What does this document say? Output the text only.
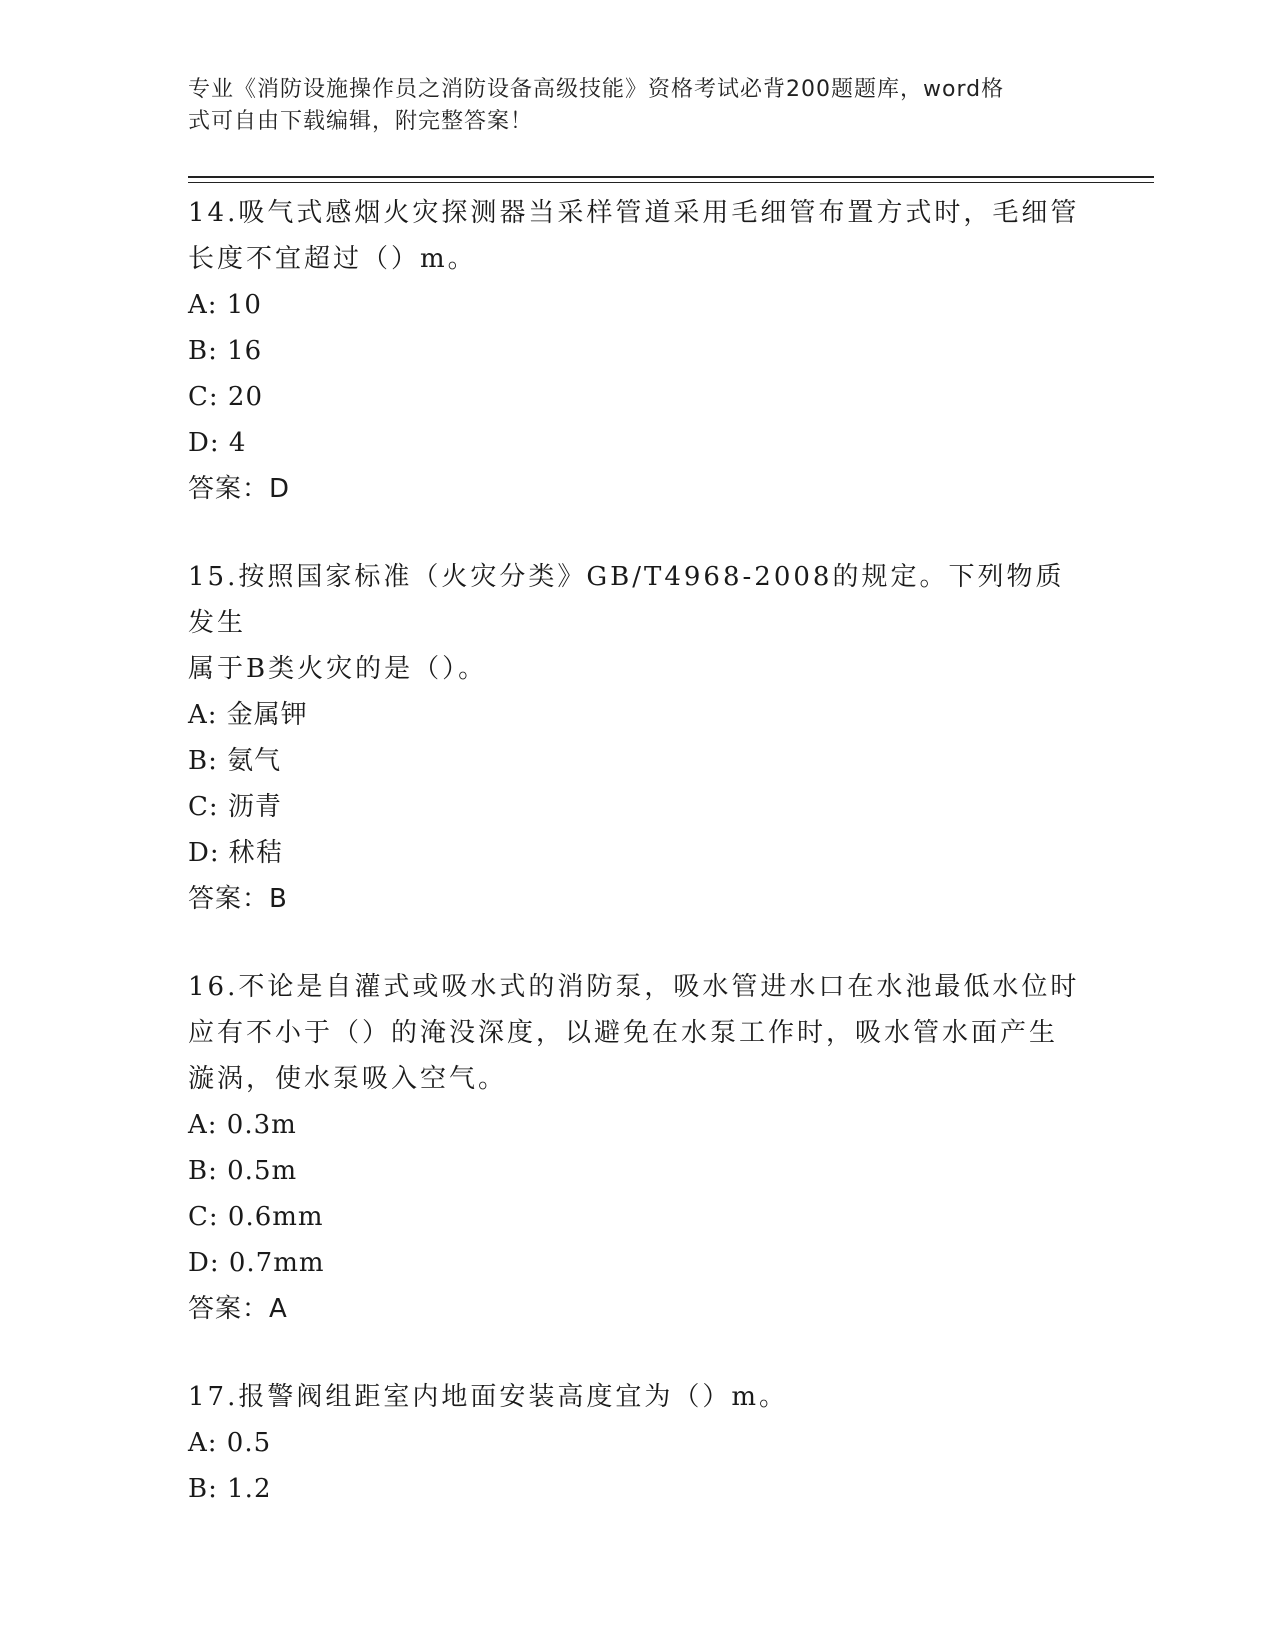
专业《消防设施操作员之消防设备高级技能》资格考试必背200题题库，word格
式可自由下载编辑，附完整答案！
14.吸气式感烟火灾探测器当采样管道采用毛细管布置方式时，毛细管
长度不宜超过（）m。
A: 10
B: 16
C: 20
D: 4
答案：D
15.按照国家标准（火灾分类》GB/T4968-2008的规定。下列物质发生
属于B类火灾的是（）。
A: 金属钾
B: 氨气
C: 沥青
D: 秫秸
答案：B
16.不论是自灌式或吸水式的消防泵，吸水管进水口在水池最低水位时
应有不小于（）的淹没深度，以避免在水泵工作时，吸水管水面产生
漩涡，使水泵吸入空气。
A: 0.3m
B: 0.5m
C: 0.6mm
D: 0.7mm
答案：A
17.报警阀组距室内地面安装高度宜为（）m。
A: 0.5
B: 1.2
